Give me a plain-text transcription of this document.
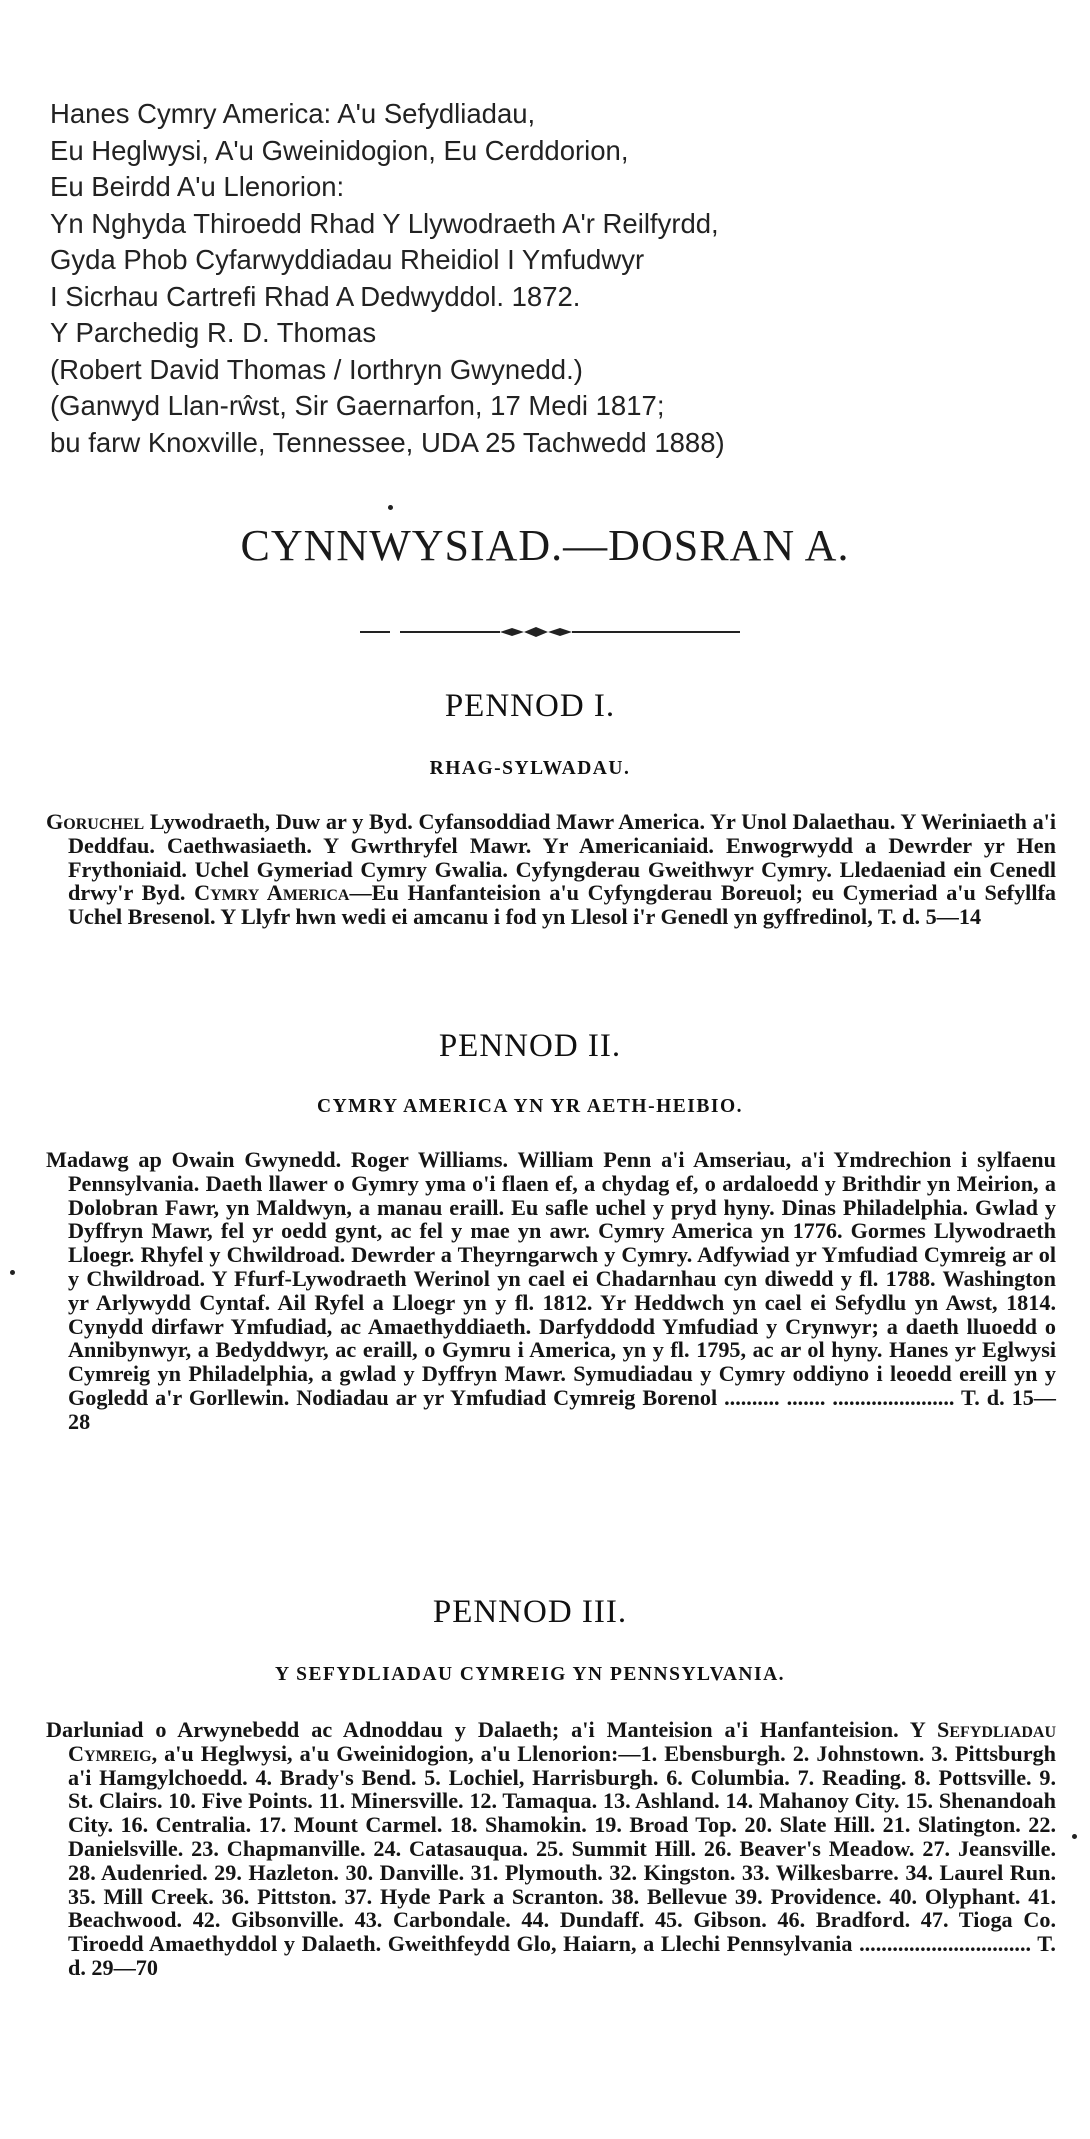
Hanes Cymry America: A'u Sefydliadau,
Eu Heglwysi, A'u Gweinidogion, Eu Cerddorion,
Eu Beirdd A'u Llenorion:
Yn Nghyda Thiroedd Rhad Y Llywodraeth A'r Reilfyrdd,
Gyda Phob Cyfarwyddiadau Rheidiol I Ymfudwyr
I Sicrhau Cartrefi Rhad A Dedwyddol. 1872.
Y Parchedig R. D. Thomas
(Robert David Thomas / Iorthryn Gwynedd.)
(Ganwyd Llan-rŵst, Sir Gaernarfon, 17 Medi 1817;
bu farw Knoxville, Tennessee, UDA 25 Tachwedd 1888)
CYNNWYSIAD.—DOSRAN A.
PENNOD I.
RHAG-SYLWADAU.

Goruchel Lywodraeth, Duw ar y Byd. Cyfansoddiad Mawr America. Yr Unol Dalaethau. Y Weriniaeth a'i Deddfau. Caethwasiaeth. Y Gwrthryfel Mawr. Yr Americaniaid. Enwogrwydd a Dewrder yr Hen Frythoniaid. Uchel Gymeriad Cymry Gwalia. Cyfyngderau Gweithwyr Cymry. Lledaeniad ein Cenedl drwy'r Byd. Cymry America—Eu Hanfanteision a'u Cyfyngderau Boreuol; eu Cymeriad a'u Sefyllfa Uchel Bresenol. Y Llyfr hwn wedi ei amcanu i fod yn Llesol i'r Genedl yn gyffredinol, T. d. 5—14

PENNOD II.
CYMRY AMERICA YN YR AETH-HEIBIO.

Madawg ap Owain Gwynedd. Roger Williams. William Penn a'i Amseriau, a'i Ymdrechion i sylfaenu Pennsylvania. Daeth llawer o Gymry yma o'i flaen ef, a chydag ef, o ardaloedd y Brithdir yn Meirion, a Dolobran Fawr, yn Maldwyn, a manau eraill. Eu safle uchel y pryd hyny. Dinas Philadelphia. Gwlad y Dyffryn Mawr, fel yr oedd gynt, ac fel y mae yn awr. Cymry America yn 1776. Gormes Llywodraeth Lloegr. Rhyfel y Chwildroad. Dewrder a Theyrngarwch y Cymry. Adfywiad yr Ymfudiad Cymreig ar ol y Chwildroad. Y Ffurf-Lywodraeth Werinol yn cael ei Chadarnhau cyn diwedd y fl. 1788. Washington yr Arlywydd Cyntaf. Ail Ryfel a Lloegr yn y fl. 1812. Yr Heddwch yn cael ei Sefydlu yn Awst, 1814. Cynydd dirfawr Ymfudiad, ac Amaethyddiaeth. Darfyddodd Ymfudiad y Crynwyr; a daeth lluoedd o Annibynwyr, a Bedyddwyr, ac eraill, o Gymru i America, yn y fl. 1795, ac ar ol hyny. Hanes yr Eglwysi Cymreig yn Philadelphia, a gwlad y Dyffryn Mawr. Symudiadau y Cymry oddiyno i leoedd ereill yn y Gogledd a'r Gorllewin. Nodiadau ar yr Ymfudiad Cymreig Borenol .......... ....... ...................... T. d. 15—28

PENNOD III.
Y SEFYDLIADAU CYMREIG YN PENNSYLVANIA.

Darluniad o Arwynebedd ac Adnoddau y Dalaeth; a'i Manteision a'i Hanfanteision. Y Sefydliadau Cymreig, a'u Heglwysi, a'u Gweinidogion, a'u Llenorion:—1. Ebensburgh. 2. Johnstown. 3. Pittsburgh a'i Hamgylchoedd. 4. Brady's Bend. 5. Lochiel, Harrisburgh. 6. Columbia. 7. Reading. 8. Pottsville. 9. St. Clairs. 10. Five Points. 11. Minersville. 12. Tamaqua. 13. Ashland. 14. Mahanoy City. 15. Shenandoah City. 16. Centralia. 17. Mount Carmel. 18. Shamokin. 19. Broad Top. 20. Slate Hill. 21. Slatington. 22. Danielsville. 23. Chapmanville. 24. Catasauqua. 25. Summit Hill. 26. Beaver's Meadow. 27. Jeansville. 28. Audenried. 29. Hazleton. 30. Danville. 31. Plymouth. 32. Kingston. 33. Wilkesbarre. 34. Laurel Run. 35. Mill Creek. 36. Pittston. 37. Hyde Park a Scranton. 38. Bellevue 39. Providence. 40. Olyphant. 41. Beachwood. 42. Gibsonville. 43. Carbondale. 44. Dundaff. 45. Gibson. 46. Bradford. 47. Tioga Co. Tiroedd Amaethyddol y Dalaeth. Gweithfeydd Glo, Haiarn, a Llechi Pennsylvania ............................... T. d. 29—70
